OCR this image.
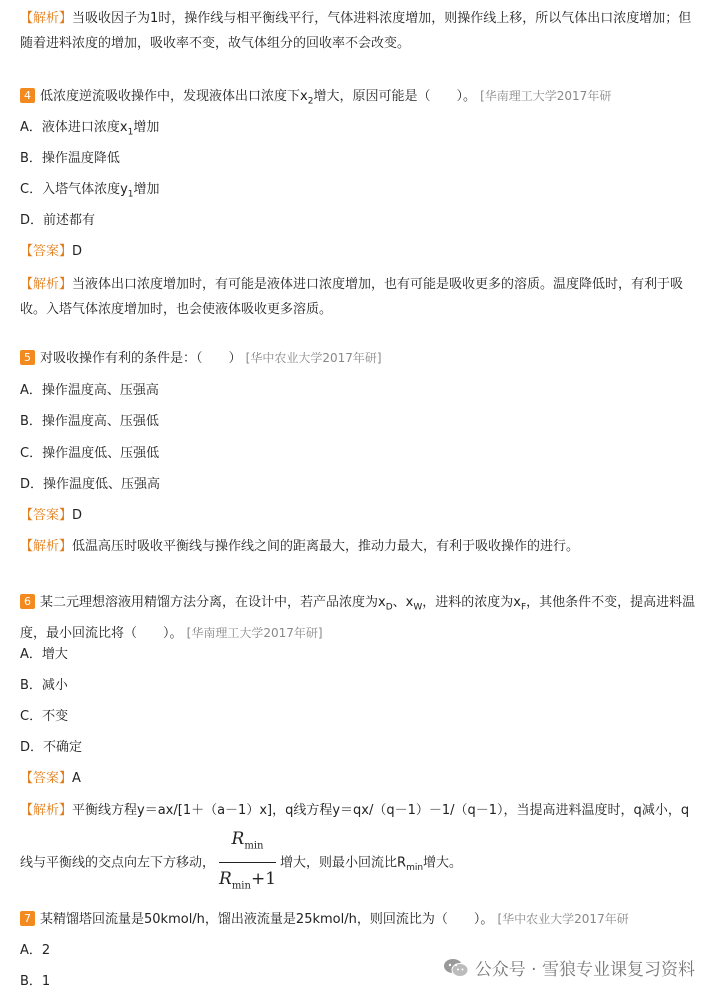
【解析】当吸收因子为1时，操作线与相平衡线平行，气体进料浓度增加，则操作线上移，所以气体出口浓度增加；但随着进料浓度的增加，吸收率不变，故气体组分的回收率不会改变。
4 低浓度逆流吸收操作中，发现液体出口浓度下$x_2$增大，原因可能是（　　）。 [华南理工大学2017年研
A．液体进口浓度$x_1$增加
B．操作温度降低
C．入塔气体浓度$y_1$增加
D．前述都有
【答案】D
【解析】当液体出口浓度增加时，有可能是液体进口浓度增加，也有可能是吸收更多的溶质。温度降低时，有利于吸收。入塔气体浓度增加时，也会使液体吸收更多溶质。
5 对吸收操作有利的条件是：（　　） [华中农业大学2017年研]
A．操作温度高、压强高
B．操作温度高、压强低
C．操作温度低、压强低
D．操作温度低、压强高
【答案】D
【解析】低温高压时吸收平衡线与操作线之间的距离最大，推动力最大，有利于吸收操作的进行。
6 某二元理想溶液用精馏方法分离，在设计中，若产品浓度为$x_D$、$x_W$，进料的浓度为$x_F$，其他条件不变，提高进料温度，最小回流比将（　　）。 [华南理工大学2017年研]
A．增大
B．减小
C．不变
D．不确定
【答案】A
【解析】平衡线方程y＝ax/[1＋（a－1）x]，q线方程y＝qx/（q－1）－1/（q－1），当提高进料温度时，q减小，q线与平衡线的交点向左下方移动， $\frac{R_{min}}{R_{min}+1}$ 增大，则最小回流比$R_{min}$增大。
7 某精馏塔回流量是50kmol/h，馏出液流量是25kmol/h，则回流比为（　　）。 [华中农业大学2017年研
A．2
B．1
公众号 · 雪狼专业课复习资料
